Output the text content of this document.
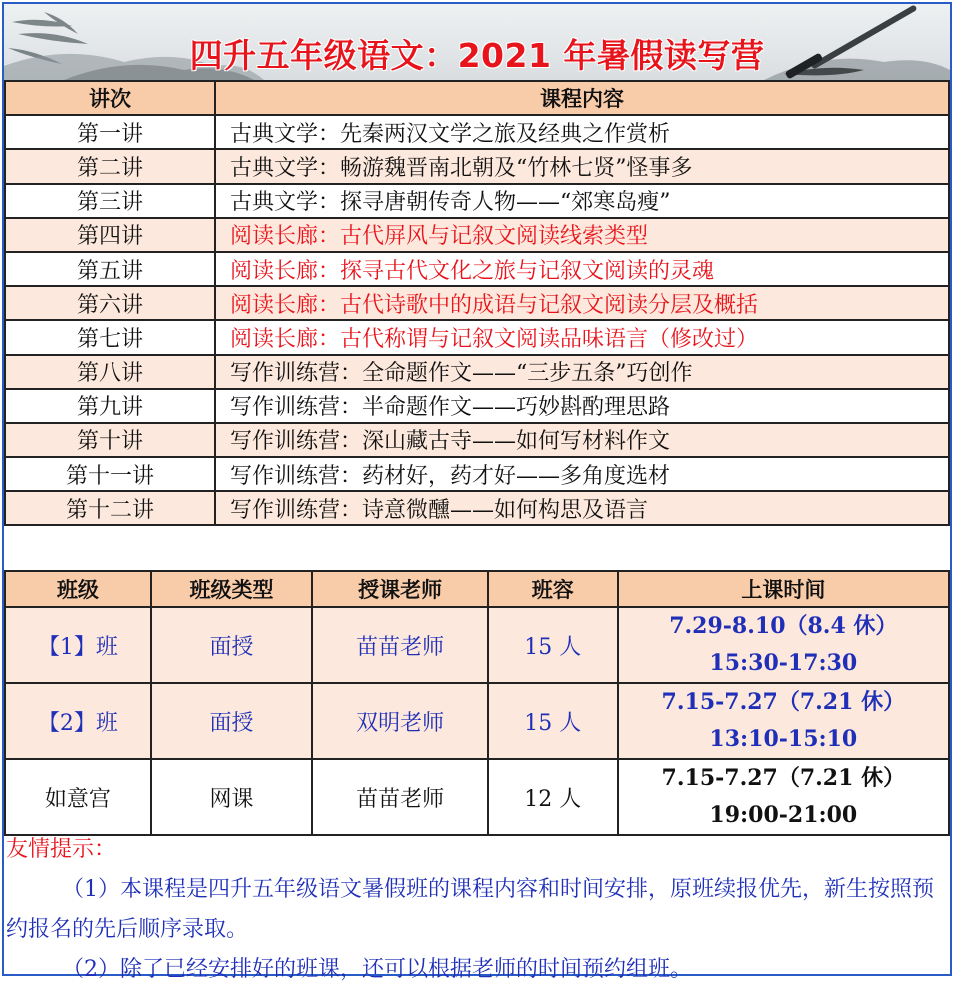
四升五年级语文：2021 年暑假读写营
讲次	课程内容
第一讲	古典文学：先秦两汉文学之旅及经典之作赏析
第二讲	古典文学：畅游魏晋南北朝及“竹林七贤”怪事多
第三讲	古典文学：探寻唐朝传奇人物——“郊寒岛瘦”
第四讲	阅读长廊：古代屏风与记叙文阅读线索类型
第五讲	阅读长廊：探寻古代文化之旅与记叙文阅读的灵魂
第六讲	阅读长廊：古代诗歌中的成语与记叙文阅读分层及概括
第七讲	阅读长廊：古代称谓与记叙文阅读品味语言（修改过）
第八讲	写作训练营：全命题作文——“三步五条”巧创作
第九讲	写作训练营：半命题作文——巧妙斟酌理思路
第十讲	写作训练营：深山藏古寺——如何写材料作文
第十一讲	写作训练营：药材好，药才好——多角度选材
第十二讲	写作训练营：诗意微醺——如何构思及语言
班级	班级类型	授课老师	班容	上课时间
【1】班	面授	苗苗老师	15 人	7.29-8.10（8.4 休）
15:30-17:30

【2】班	面授	双明老师	15 人	7.15-7.27（7.21 休）
13:10-15:10

如意宫	网课	苗苗老师	12 人	7.15-7.27（7.21 休）
19:00-21:00
友情提示：

（1）本课程是四升五年级语文暑假班的课程内容和时间安排，原班续报优先，新生按照预约报名的先后顺序录取。

（2）除了已经安排好的班课，还可以根据老师的时间预约组班。
